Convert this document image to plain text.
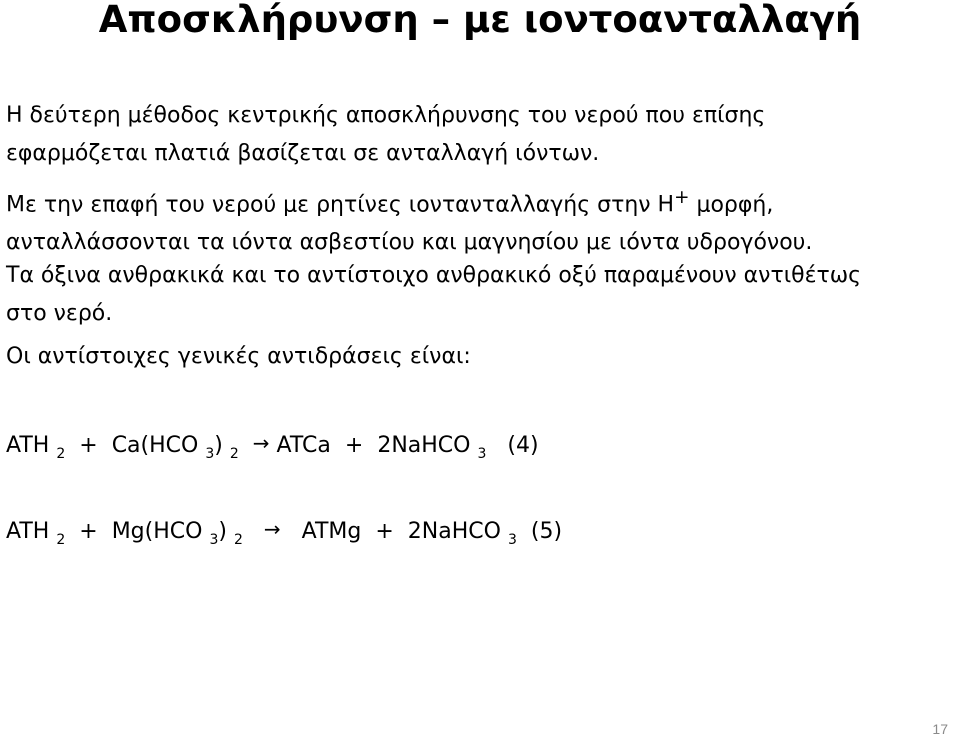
Αποσκλήρυνση – με ιοντοανταλλαγή
Η δεύτερη μέθοδος κεντρικής αποσκλήρυνσης του νερού που επίσης
εφαρμόζεται πλατιά βασίζεται σε ανταλλαγή ιόντων.
Με την επαφή του νερού με ρητίνες ιοντανταλλαγής στην Η+ μορφή,
ανταλλάσσονται τα ιόντα ασβεστίου και μαγνησίου με ιόντα υδρογόνου.
Τα όξινα ανθρακικά και το αντίστοιχο ανθρακικό οξύ παραμένουν αντιθέτως
στο νερό.
Οι αντίστοιχες γενικές αντιδράσεις είναι:
ATH $_2$ + Ca(HCO $_3$) $_2$ → ATCa + 2NaHCO $_3$ (4)
ATH $_2$ + Mg(HCO $_3$) $_2$ → ATMg + 2NaHCO $_3$ (5)
17
